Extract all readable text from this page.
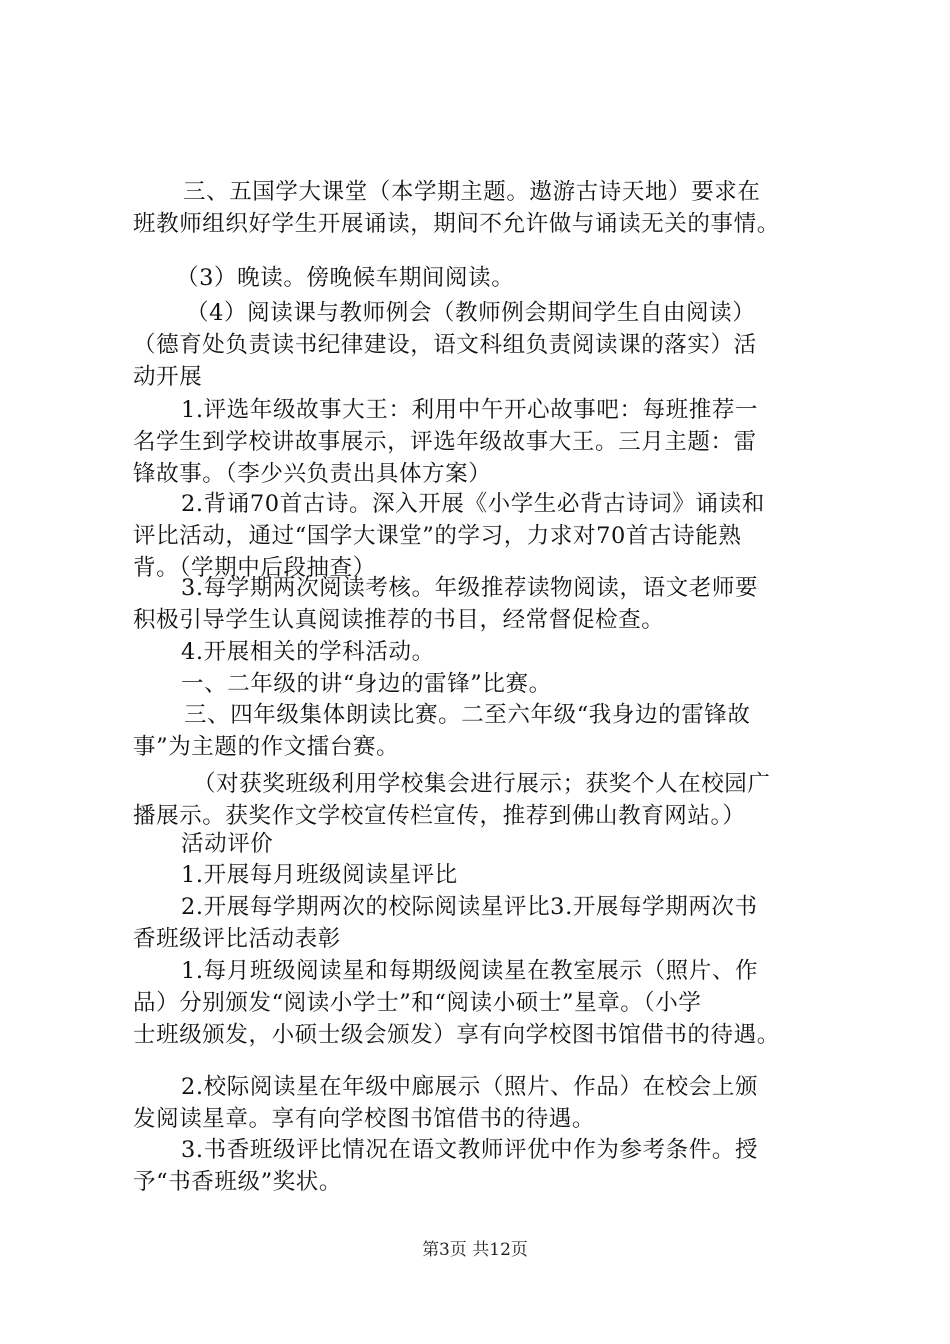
三、五国学大课堂（本学期主题。遨游古诗天地）要求在
班教师组织好学生开展诵读，期间不允许做与诵读无关的事情。
（3）晚读。傍晚候车期间阅读。
（4）阅读课与教师例会（教师例会期间学生自由阅读）
（德育处负责读书纪律建设，语文科组负责阅读课的落实）活
动开展
1.评选年级故事大王：利用中午开心故事吧：每班推荐一
名学生到学校讲故事展示，评选年级故事大王。三月主题：雷
锋故事。（李少兴负责出具体方案）
2.背诵70首古诗。深入开展《小学生必背古诗词》诵读和
评比活动，通过“国学大课堂”的学习，力求对70首古诗能熟
背。（学期中后段抽查）
3.每学期两次阅读考核。年级推荐读物阅读，语文老师要
积极引导学生认真阅读推荐的书目，经常督促检查。
4.开展相关的学科活动。
一、二年级的讲“身边的雷锋”比赛。
三、四年级集体朗读比赛。二至六年级“我身边的雷锋故
事”为主题的作文擂台赛。
（对获奖班级利用学校集会进行展示；获奖个人在校园广
播展示。获奖作文学校宣传栏宣传，推荐到佛山教育网站。）
活动评价
1.开展每月班级阅读星评比
2.开展每学期两次的校际阅读星评比3.开展每学期两次书
香班级评比活动表彰
1.每月班级阅读星和每期级阅读星在教室展示（照片、作
品）分别颁发“阅读小学士”和“阅读小硕士”星章。（小学
士班级颁发，小硕士级会颁发）享有向学校图书馆借书的待遇。
2.校际阅读星在年级中廊展示（照片、作品）在校会上颁
发阅读星章。享有向学校图书馆借书的待遇。
3.书香班级评比情况在语文教师评优中作为参考条件。授
予“书香班级”奖状。
第3页 共12页
